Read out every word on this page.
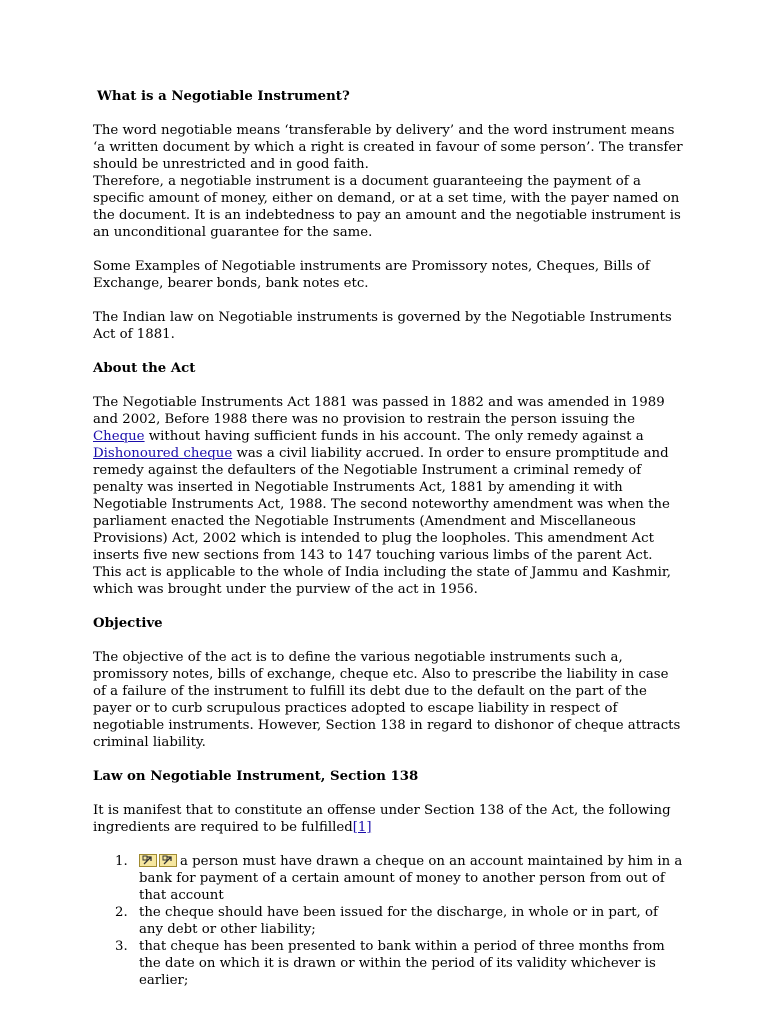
What is a Negotiable Instrument?

The word negotiable means ‘transferable by delivery’ and the word instrument means ‘a written document by which a right is created in favour of some person’. The transfer should be unrestricted and in good faith.
Therefore, a negotiable instrument is a document guaranteeing the payment of a specific amount of money, either on demand, or at a set time, with the payer named on the document. It is an indebtedness to pay an amount and the negotiable instrument is an unconditional guarantee for the same.

Some Examples of Negotiable instruments are Promissory notes, Cheques, Bills of Exchange, bearer bonds, bank notes etc.

The Indian law on Negotiable instruments is governed by the Negotiable Instruments Act of 1881.

About the Act

The Negotiable Instruments Act 1881 was passed in 1882 and was amended in 1989 and 2002, Before 1988 there was no provision to restrain the person issuing the Cheque without having sufficient funds in his account. The only remedy against a Dishonoured cheque was a civil liability accrued. In order to ensure promptitude and remedy against the defaulters of the Negotiable Instrument a criminal remedy of penalty was inserted in Negotiable Instruments Act, 1881 by amending it with Negotiable Instruments Act, 1988. The second noteworthy amendment was when the parliament enacted the Negotiable Instruments (Amendment and Miscellaneous Provisions) Act, 2002 which is intended to plug the loopholes. This amendment Act inserts five new sections from 143 to 147 touching various limbs of the parent Act. This act is applicable to the whole of India including the state of Jammu and Kashmir, which was brought under the purview of the act in 1956.

Objective

The objective of the act is to define the various negotiable instruments such a, promissory notes, bills of exchange, cheque etc. Also to prescribe the liability in case of a failure of the instrument to fulfill its debt due to the default on the part of the payer or to curb scrupulous practices adopted to escape liability in respect of negotiable instruments. However, Section 138 in regard to dishonor of cheque attracts criminal liability.

Law on Negotiable Instrument, Section 138

It is manifest that to constitute an offense under Section 138 of the Act, the following ingredients are required to be fulfilled[1]

1.	a person must have drawn a cheque on an account maintained by him in a bank for payment of a certain amount of money to another person from out of that account
2. the cheque should have been issued for the discharge, in whole or in part, of any debt or other liability;
3. that cheque has been presented to bank within a period of three months from the date on which it is drawn or within the period of its validity whichever is earlier;
